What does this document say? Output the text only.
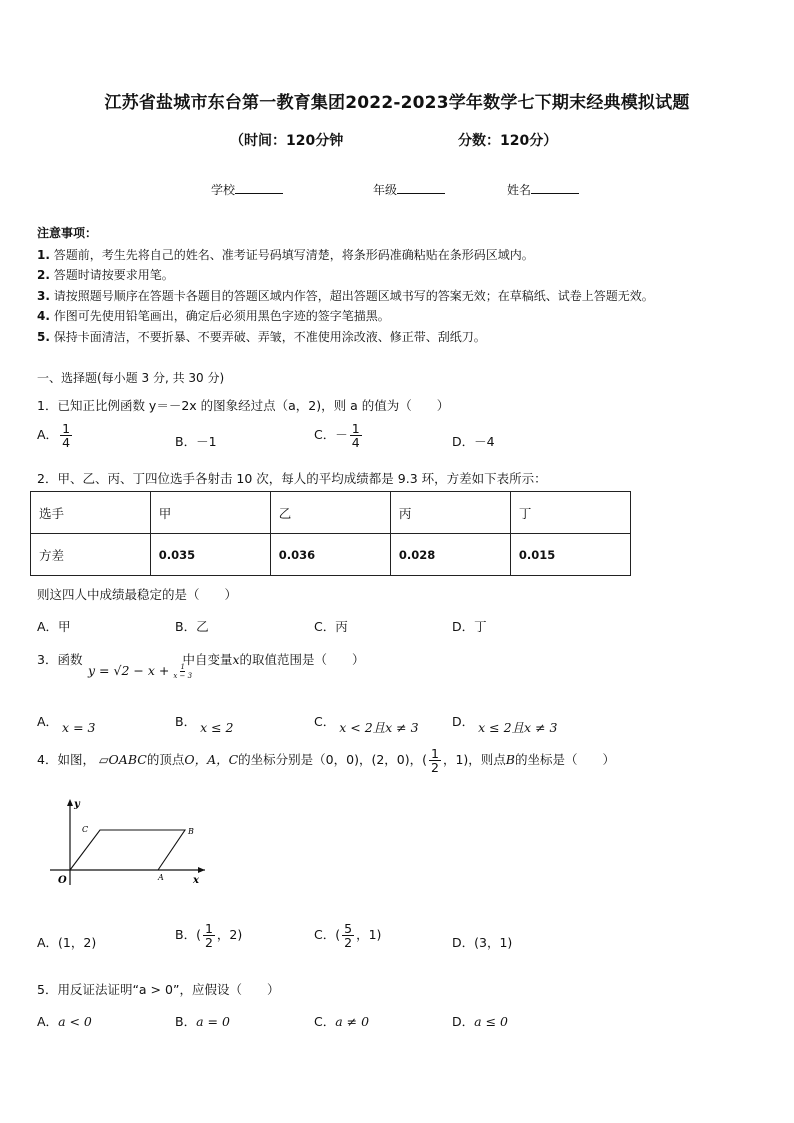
江苏省盐城市东台第一教育集团2022-2023学年数学七下期末经典模拟试题
（时间：120分钟	分数：120分）
学校	年级	姓名
注意事项：
1. 答题前，考生先将自己的姓名、准考证号码填写清楚，将条形码准确粘贴在条形码区域内。
2. 答题时请按要求用笔。
3. 请按照题号顺序在答题卡各题目的答题区域内作答，超出答题区域书写的答案无效；在草稿纸、试卷上答题无效。
4. 作图可先使用铅笔画出，确定后必须用黑色字迹的签字笔描黑。
5. 保持卡面清洁，不要折暴、不要弄破、弄皱，不准使用涂改液、修正带、刮纸刀。
一、选择题(每小题 3 分, 共 30 分)
1．已知正比例函数 y＝－2x 的图象经过点（a，2)，则 a 的值为（　　）
A． $\frac{1}{4}$	B．－1	C．－ $\frac{1}{4}$	D．－4
2．甲、乙、丙、丁四位选手各射击 10 次，每人的平均成绩都是 9.3 环，方差如下表所示：
选手	甲	乙	丙	丁
方差	0.035	0.036	0.028	0.015
则这四人中成绩最稳定的是（　　）
A．甲	B．乙	C．丙	D．丁
3．函数	中自变量x的取值范围是（　　）
$y = √2 - x + \frac{1}{x - 3}$
A． x = 3	B． x ≤ 2	C． x < 2且x ≠ 3	D． x ≤ 2且x ≠ 3
4．如图， ▱OABC的顶点O，A，C的坐标分别是（0，0)，(2，0)，( $\frac{1}{2}$ ，1)，则点B的坐标是（　　）
y
C	B
O	A	x
A．(1，2)
B．( $\frac{1}{2}$ ，2)	C．( $\frac{5}{2}$ ，1)
D．(3，1)
5．用反证法证明“a > 0”，应假设（　　）
A．a < 0	B．a = 0	C．a ≠ 0	D．a ≤ 0
